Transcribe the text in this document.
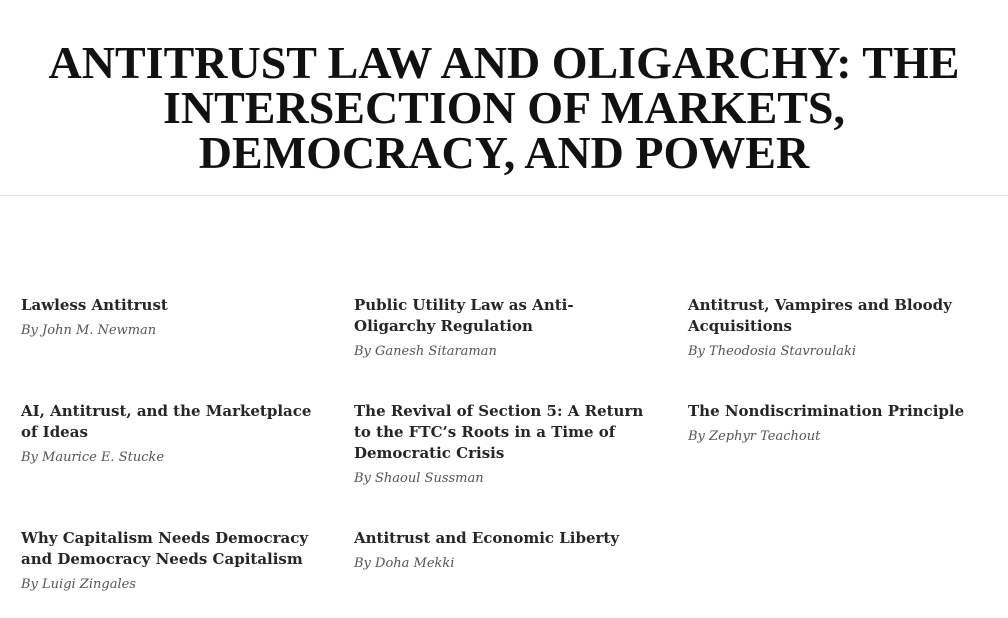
ANTITRUST LAW AND OLIGARCHY: THE INTERSECTION OF MARKETS, DEMOCRACY, AND POWER
Lawless Antitrust
By John M. Newman
Public Utility Law as Anti-Oligarchy Regulation
By Ganesh Sitaraman
Antitrust, Vampires and Bloody Acquisitions
By Theodosia Stavroulaki
AI, Antitrust, and the Marketplace of Ideas
By Maurice E. Stucke
The Revival of Section 5: A Return to the FTC’s Roots in a Time of Democratic Crisis
By Shaoul Sussman
The Nondiscrimination Principle
By Zephyr Teachout
Why Capitalism Needs Democracy and Democracy Needs Capitalism
By Luigi Zingales
Antitrust and Economic Liberty
By Doha Mekki
